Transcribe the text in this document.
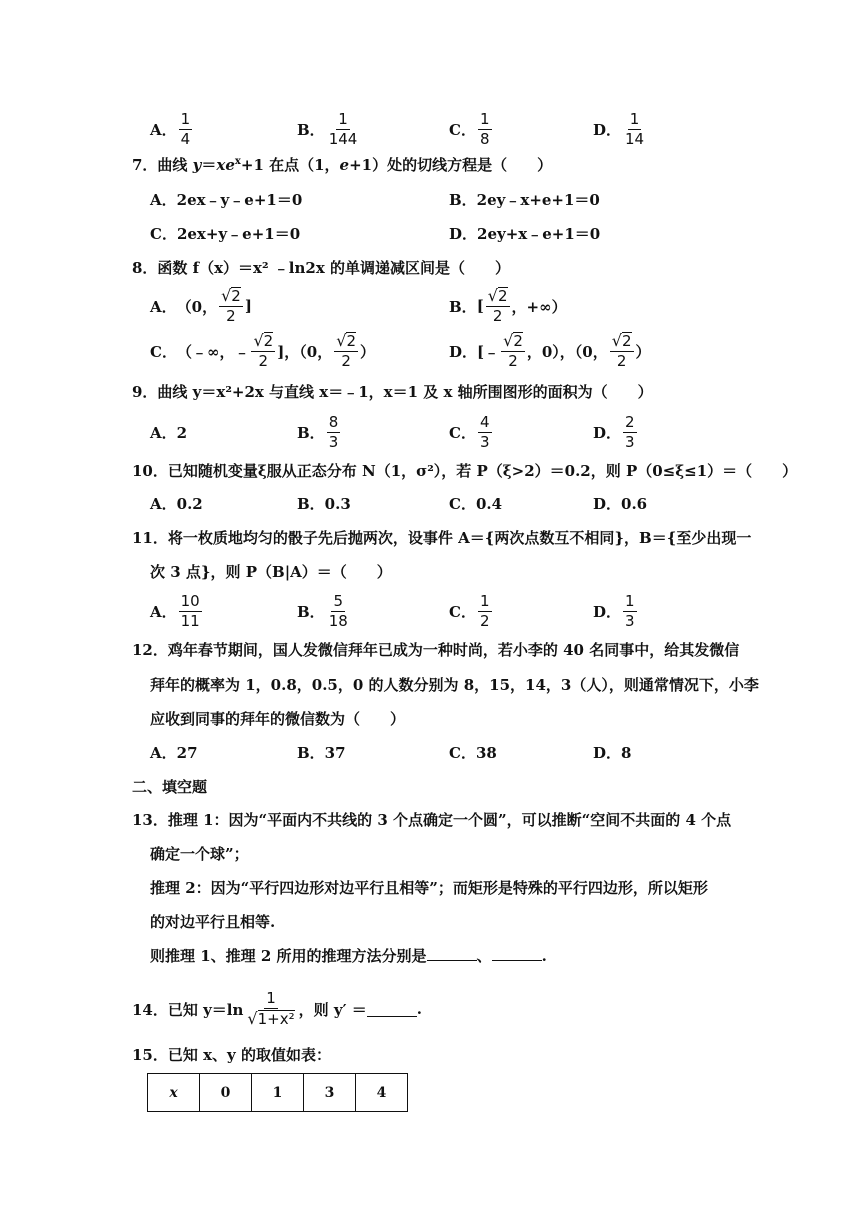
A． $\frac{1}{4}$	B． $\frac{1}{144}$	C． $\frac{1}{8}$	D． $\frac{1}{14}$
7．曲线 $y=xe^x+1$ 在点（1，e+1）处的切线方程是（　　）
A．2ex﹣y﹣e+1＝0	B．2ey﹣x+e+1＝0
C．2ex+y﹣e+1＝0	D．2ey+x﹣e+1＝0
8．函数 f（x）＝x² ﹣ln2x 的单调递减区间是（　　）
A． （0， $\frac{√ 2}{2}$ ]	B． [ $\frac{√ 2}{2}$ ，+∞）
C． （﹣∞，﹣ $\frac{√ 2}{2}$ ]，（0， $\frac{√ 2}{2}$ ）	D． [﹣ $\frac{√ 2}{2}$ ，0），（0， $\frac{√ 2}{2}$ ）
9．曲线 y＝x²+2x 与直线 x＝﹣1，x＝1 及 x 轴所围图形的面积为（　　）
A．2	B． $\frac{8}{3}$	C． $\frac{4}{3}$	D． $\frac{2}{3}$
10．已知随机变量ξ服从正态分布 N（1，σ²），若 P（ξ>2）＝0.2，则 P（0≤ξ≤1）＝（　　）
A．0.2	B．0.3	C．0.4	D．0.6
11．将一枚质地均匀的骰子先后抛两次，设事件 A＝{两次点数互不相同}，B＝{至少出现一
次 3 点}，则 P（B|A）＝（　　）
A． $\frac{10}{11}$	B． $\frac{5}{18}$	C． $\frac{1}{2}$	D． $\frac{1}{3}$
12．鸡年春节期间，国人发微信拜年已成为一种时尚，若小李的 40 名同事中，给其发微信
拜年的概率为 1，0.8，0.5，0 的人数分别为 8，15，14，3（人），则通常情况下，小李
应收到同事的拜年的微信数为（　　）
A．27	B．37	C．38	D．8
二、填空题
13．推理 1：因为“平面内不共线的 3 个点确定一个圆”，可以推断“空间不共面的 4 个点
确定一个球”；
推理 2：因为“平行四边形对边平行且相等”；而矩形是特殊的平行四边形，所以矩形
的对边平行且相等.
则推理 1、推理 2 所用的推理方法分别是	、	.
14．已知 $y=\ln \frac{1}{\text{√ 1+x²}}$ ，则 y′ ＝	.
15．已知 x、y 的取值如表：
x	0	1	3	4
